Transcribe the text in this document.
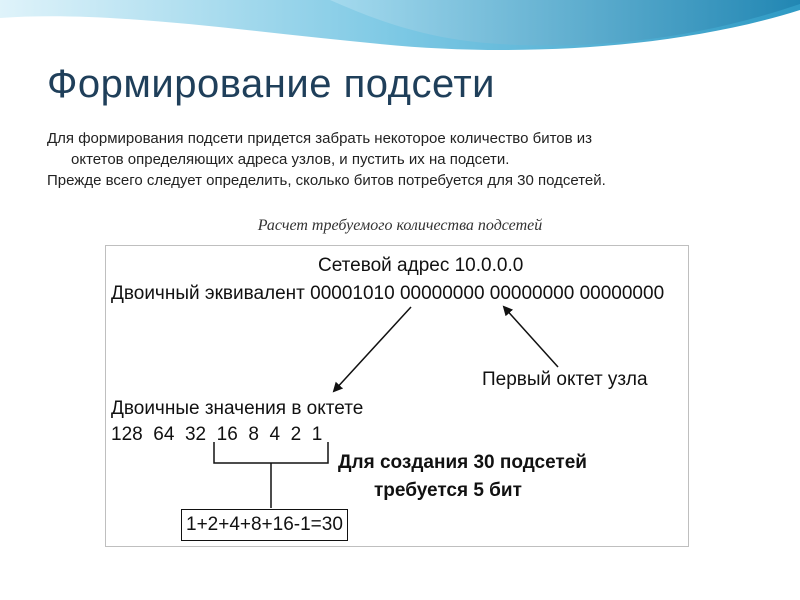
Формирование подсети
Для формирования подсети придется забрать некоторое количество битов из
октетов определяющих адреса узлов, и пустить их на подсети.
Прежде всего следует определить, сколько битов потребуется для 30 подсетей.
Расчет требуемого количества подсетей
Сетевой адрес 10.0.0.0
Двоичный эквивалент 00001010 00000000 00000000 00000000
Первый октет узла
Двоичные значения в октете
128  64  32  16  8  4  2  1
Для создания 30 подсетей
требуется 5 бит
1+2+4+8+16-1=30
